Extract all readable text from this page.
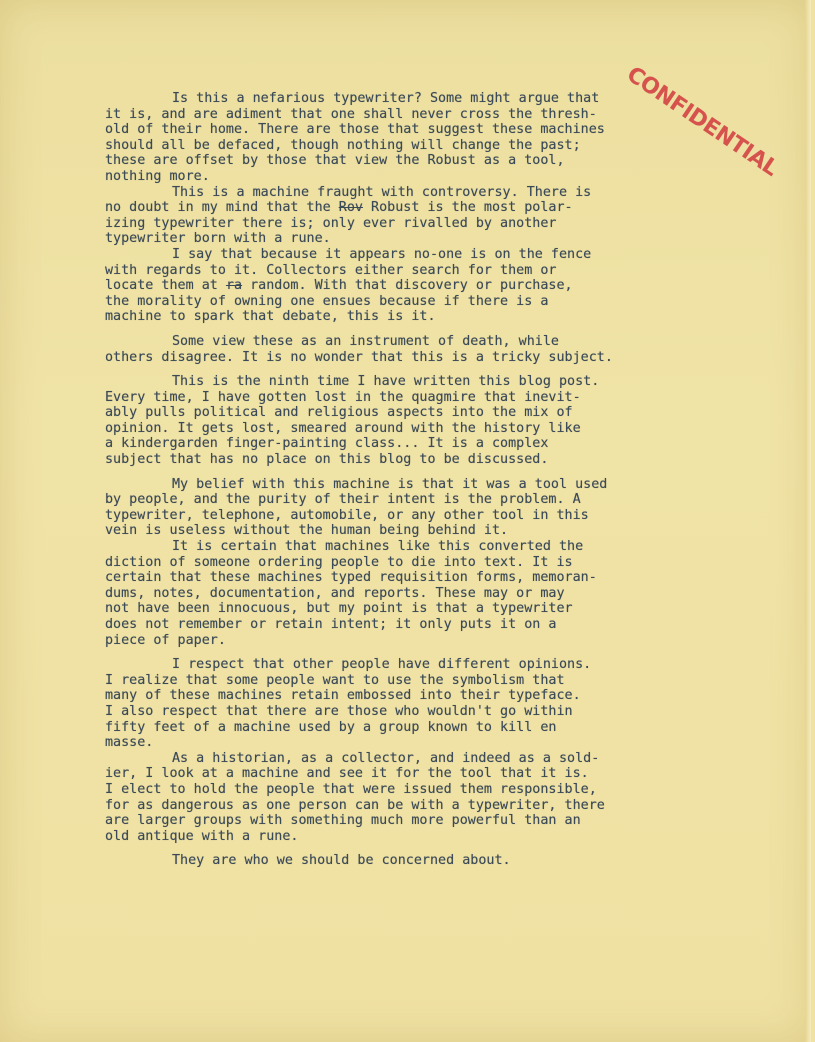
CONFIDENTIAL
Is this a nefarious typewriter? Some might argue that
it is, and are adiment that one shall never cross the thresh-
old of their home. There are those that suggest these machines
should all be defaced, though nothing will change the past;
these are offset by those that view the Robust as a tool,
nothing more.
This is a machine fraught with controversy. There is
no doubt in my mind that the Rov Robust is the most polar-
izing typewriter there is; only ever rivalled by another
typewriter born with a rune.
I say that because it appears no-one is on the fence
with regards to it. Collectors either search for them or
locate them at ra random. With that discovery or purchase,
the morality of owning one ensues because if there is a
machine to spark that debate, this is it.
Some view these as an instrument of death, while
others disagree. It is no wonder that this is a tricky subject.
This is the ninth time I have written this blog post.
Every time, I have gotten lost in the quagmire that inevit-
ably pulls political and religious aspects into the mix of
opinion. It gets lost, smeared around with the history like
a kindergarden finger-painting class... It is a complex
subject that has no place on this blog to be discussed.
My belief with this machine is that it was a tool used
by people, and the purity of their intent is the problem. A
typewriter, telephone, automobile, or any other tool in this
vein is useless without the human being behind it.
It is certain that machines like this converted the
diction of someone ordering people to die into text. It is
certain that these machines typed requisition forms, memoran-
dums, notes, documentation, and reports. These may or may
not have been innocuous, but my point is that a typewriter
does not remember or retain intent; it only puts it on a
piece of paper.
I respect that other people have different opinions.
I realize that some people want to use the symbolism that
many of these machines retain embossed into their typeface.
I also respect that there are those who wouldn't go within
fifty feet of a machine used by a group known to kill en
masse.
As a historian, as a collector, and indeed as a sold-
ier, I look at a machine and see it for the tool that it is.
I elect to hold the people that were issued them responsible,
for as dangerous as one person can be with a typewriter, there
are larger groups with something much more powerful than an
old antique with a rune.
They are who we should be concerned about.
